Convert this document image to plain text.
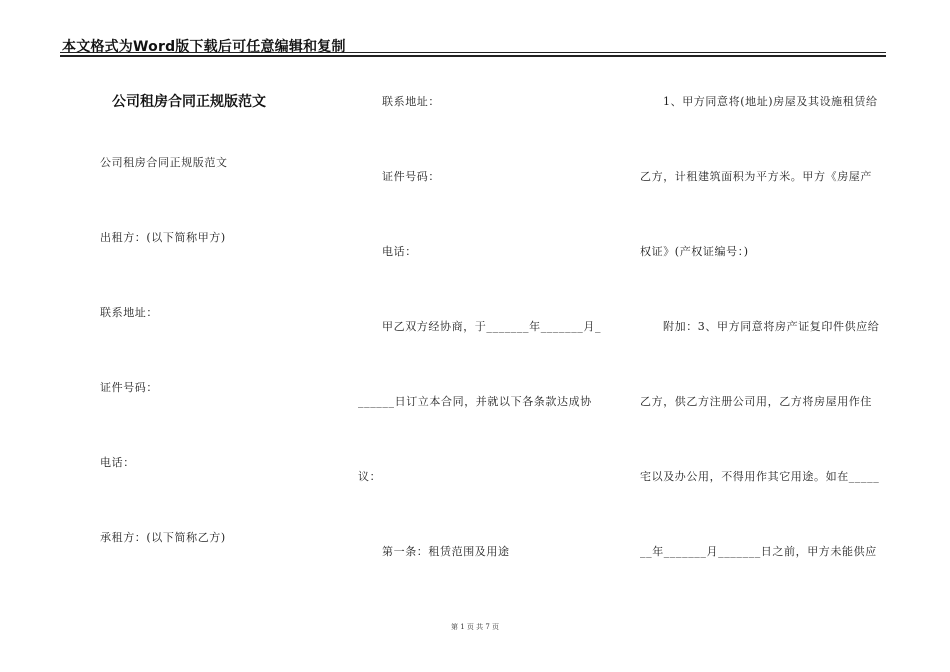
本文格式为Word版下载后可任意编辑和复制
公司租房合同正规版范文
公司租房合同正规版范文
出租方：(以下简称甲方)
联系地址：
证件号码：
电话：
承租方：(以下简称乙方)
联系地址：
证件号码：
电话：
甲乙双方经协商，于_______年_______月_
______日订立本合同，并就以下各条款达成协
议：
第一条：租赁范围及用途
1、甲方同意将(地址)房屋及其设施租赁给
乙方，计租建筑面积为平方米。甲方《房屋产
权证》(产权证编号：)
附加：3、甲方同意将房产证复印件供应给
乙方，供乙方注册公司用，乙方将房屋用作住
宅以及办公用，不得用作其它用途。如在_____
__年_______月_______日之前，甲方未能供应
第 1 页 共 7 页
